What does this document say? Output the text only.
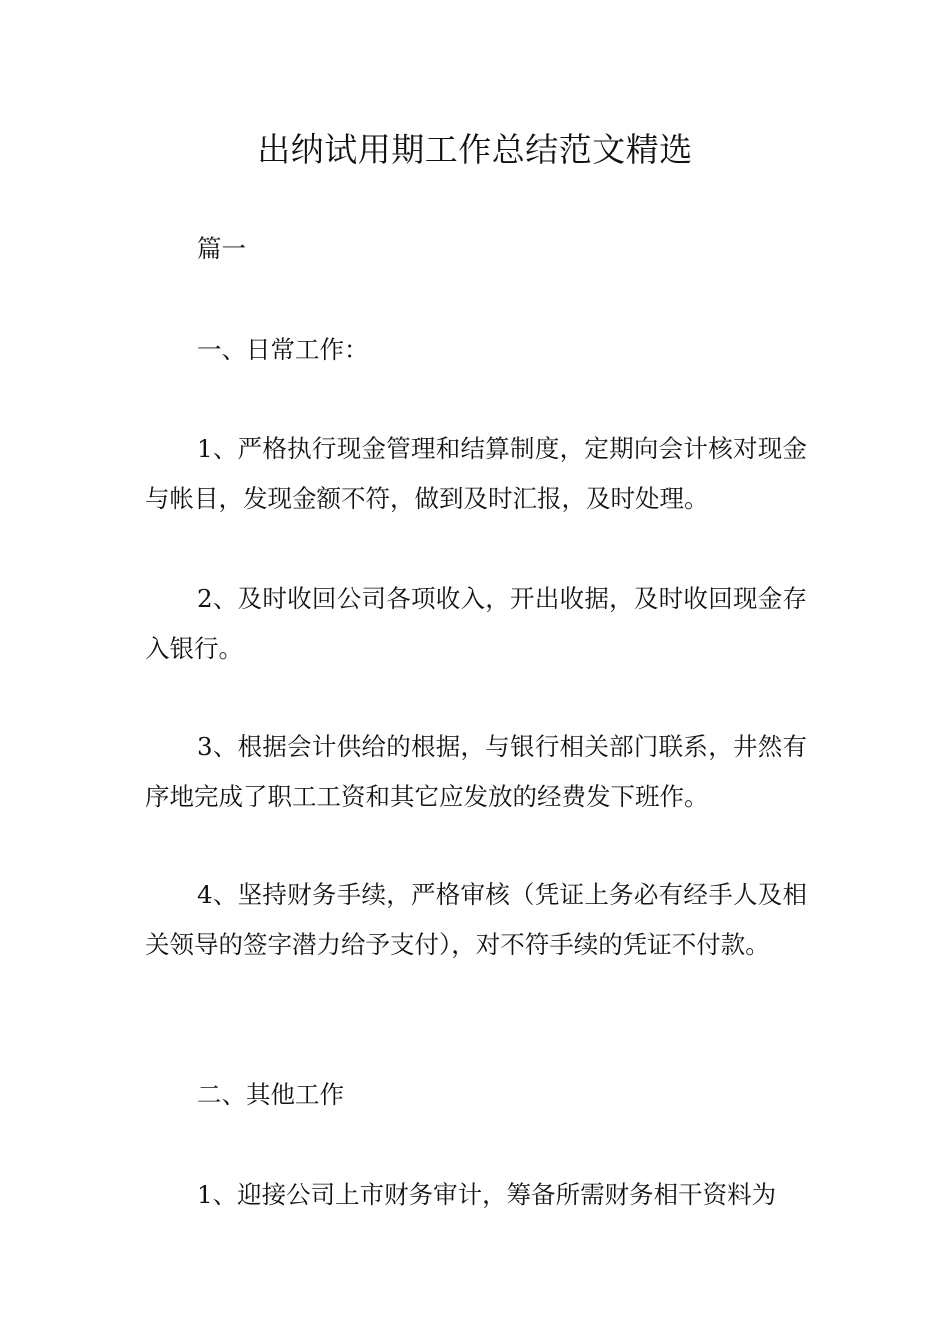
出纳试用期工作总结范文精选

篇一

一、日常工作：

1、严格执行现金管理和结算制度，定期向会计核对现金与帐目，发现金额不符，做到及时汇报，及时处理。

2、及时收回公司各项收入，开出收据，及时收回现金存入银行。

3、根据会计供给的根据，与银行相关部门联系，井然有序地完成了职工工资和其它应发放的经费发下班作。

4、坚持财务手续，严格审核（凭证上务必有经手人及相关领导的签字潜力给予支付），对不符手续的凭证不付款。

二、其他工作

1、迎接公司上市财务审计，筹备所需财务相干资料为
